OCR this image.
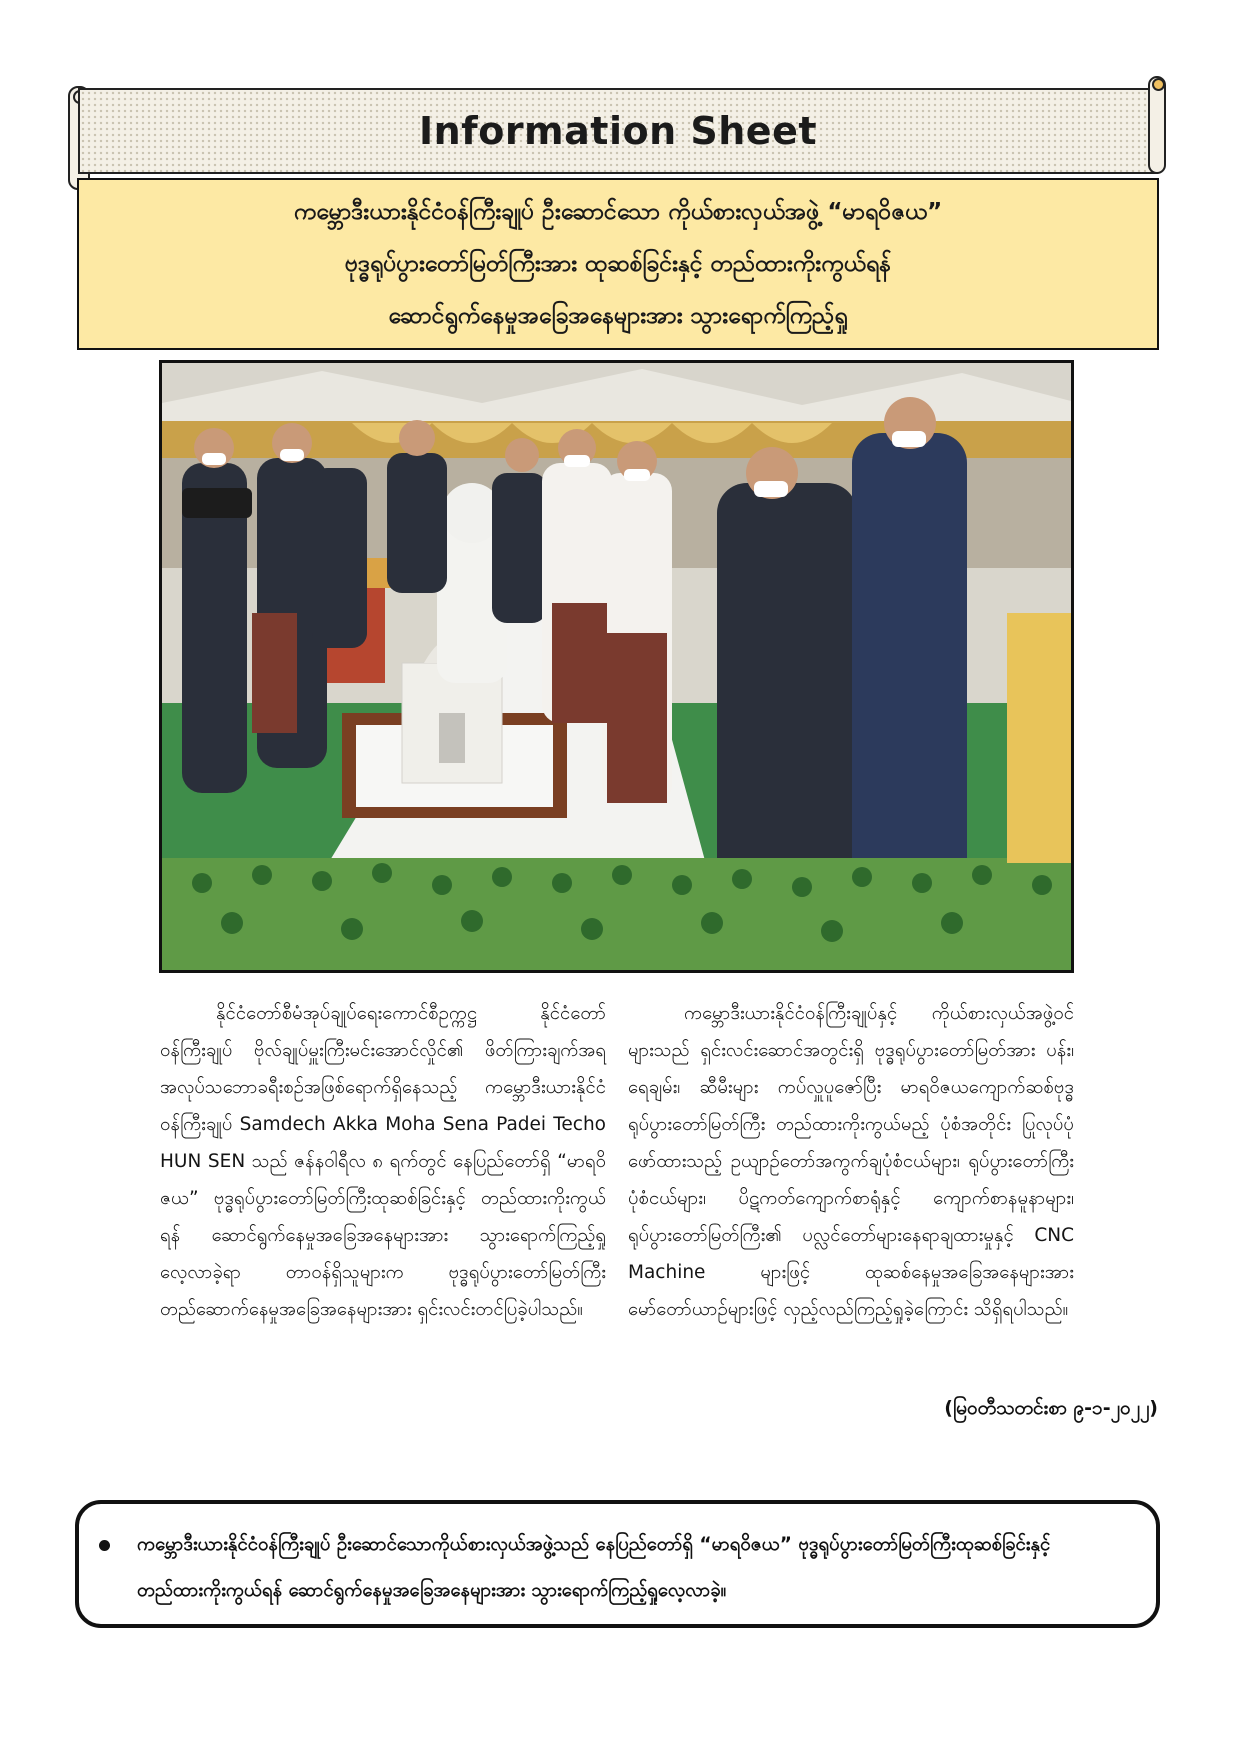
Information Sheet
ကမ္ဘောဒီးယားနိုင်ငံဝန်ကြီးချုပ် ဦးဆောင်သော ကိုယ်စားလှယ်အဖွဲ့ “မာရဝိဇယ”
ဗုဒ္ဓရုပ်ပွားတော်မြတ်ကြီးအား ထုဆစ်ခြင်းနှင့် တည်ထားကိုးကွယ်ရန်
ဆောင်ရွက်နေမှုအခြေအနေများအား သွားရောက်ကြည့်ရှု

နိုင်ငံတော်စီမံအုပ်ချုပ်ရေးကောင်စီဥက္ကဋ္ဌ နိုင်ငံတော်ဝန်ကြီးချုပ် ဗိုလ်ချုပ်မှူးကြီးမင်းအောင်လှိုင်၏ ဖိတ်ကြားချက်အရ အလုပ်သဘောခရီးစဉ်အဖြစ်ရောက်ရှိနေသည့် ကမ္ဘောဒီးယားနိုင်ငံဝန်ကြီးချုပ် Samdech Akka Moha Sena Padei Techo HUN SEN သည် ဇန်နဝါရီလ ၈ ရက်တွင် နေပြည်တော်ရှိ “မာရဝိဇယ” ဗုဒ္ဓရုပ်ပွားတော်မြတ်ကြီးထုဆစ်ခြင်းနှင့် တည်ထားကိုးကွယ်ရန် ဆောင်ရွက်နေမှုအခြေအနေများအား သွားရောက်ကြည့်ရှုလေ့လာခဲ့ရာ တာဝန်ရှိသူများက ဗုဒ္ဓရုပ်ပွားတော်မြတ်ကြီးတည်ဆောက်နေမှုအခြေအနေများအား ရှင်းလင်းတင်ပြခဲ့ပါသည်။

ကမ္ဘောဒီးယားနိုင်ငံဝန်ကြီးချုပ်နှင့် ကိုယ်စားလှယ်အဖွဲ့ဝင်များသည် ရှင်းလင်းဆောင်အတွင်းရှိ ဗုဒ္ဓရုပ်ပွားတော်မြတ်အား ပန်း၊ ရေချမ်း၊ ဆီမီးများ ကပ်လှူပူဇော်ပြီး မာရဝိဇယကျောက်ဆစ်ဗုဒ္ဓရုပ်ပွားတော်မြတ်ကြီး တည်ထားကိုးကွယ်မည့် ပုံစံအတိုင်း ပြုလုပ်ပုံဖော်ထားသည့် ဥယျာဉ်တော်အကွက်ချပုံစံငယ်များ၊ ရုပ်ပွားတော်ကြီးပုံစံငယ်များ၊ ပိဋကတ်ကျောက်စာရုံနှင့် ကျောက်စာနမူနာများ၊ ရုပ်ပွားတော်မြတ်ကြီး၏ ပလ္လင်တော်များနေရာချထားမှုနှင့် CNC Machine များဖြင့် ထုဆစ်နေမှုအခြေအနေများအား မော်တော်ယာဉ်များဖြင့် လှည့်လည်ကြည့်ရှုခဲ့ကြောင်း သိရှိရပါသည်။

(မြဝတီသတင်းစာ ၉-၁-၂၀၂၂)
ကမ္ဘောဒီးယားနိုင်ငံဝန်ကြီးချုပ် ဦးဆောင်သောကိုယ်စားလှယ်အဖွဲ့သည် နေပြည်တော်ရှိ “မာရဝိဇယ” ဗုဒ္ဓရုပ်ပွားတော်မြတ်ကြီးထုဆစ်ခြင်းနှင့် တည်ထားကိုးကွယ်ရန် ဆောင်ရွက်နေမှုအခြေအနေများအား သွားရောက်ကြည့်ရှုလေ့လာခဲ့။
